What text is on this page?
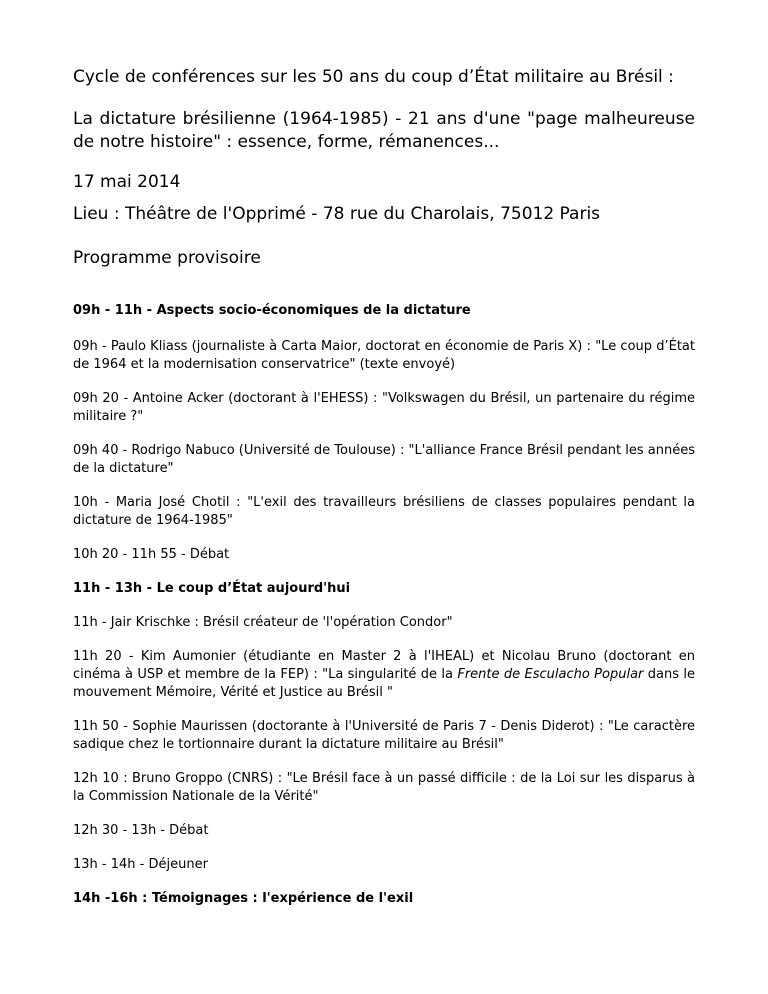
Cycle de conférences sur les 50 ans du coup d’État militaire au Brésil :

La dictature brésilienne (1964-1985) - 21 ans d'une "page malheureuse de notre histoire" : essence, forme, rémanences...

17 mai 2014

Lieu : Théâtre de l'Opprimé - 78 rue du Charolais, 75012 Paris

Programme provisoire

09h - 11h - Aspects socio-économiques de la dictature

09h - Paulo Kliass (journaliste à Carta Maior, doctorat en économie de Paris X) : "Le coup d’État de 1964 et la modernisation conservatrice" (texte envoyé)

09h 20 - Antoine Acker (doctorant à l'EHESS) : "Volkswagen du Brésil, un partenaire du régime militaire ?"

09h 40 - Rodrigo Nabuco (Université de Toulouse) : "L'alliance France Brésil pendant les années de la dictature"

10h - Maria José Chotil : "L'exil des travailleurs brésiliens de classes populaires pendant la dictature de 1964-1985"

10h 20 - 11h 55 - Débat

11h - 13h - Le coup d’État aujourd'hui

11h - Jair Krischke : Brésil créateur de 'l'opération Condor"

11h 20 - Kim Aumonier (étudiante en Master 2 à l'IHEAL) et Nicolau Bruno (doctorant en cinéma à USP et membre de la FEP) : "La singularité de la Frente de Esculacho Popular dans le mouvement Mémoire, Vérité et Justice au Brésil "

11h 50 - Sophie Maurissen (doctorante à l'Université de Paris 7 - Denis Diderot) : "Le caractère sadique chez le tortionnaire durant la dictature militaire au Brésil"

12h 10 : Bruno Groppo (CNRS) : "Le Brésil face à un passé difficile : de la Loi sur les disparus à la Commission Nationale de la Vérité"

12h 30 - 13h - Débat

13h - 14h - Déjeuner

14h -16h : Témoignages : l'expérience de l'exil
